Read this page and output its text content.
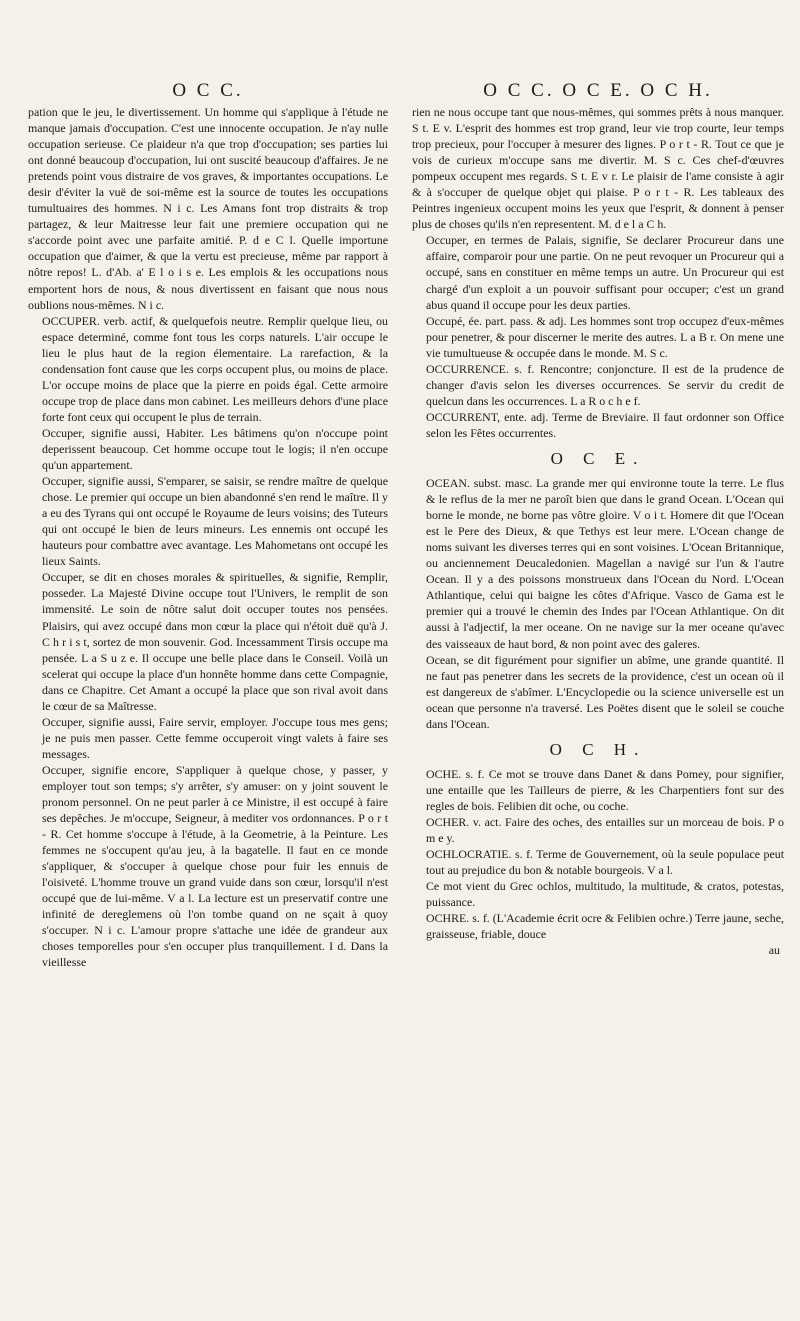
O C C.	O C C. O C E. O C H.

pation que le jeu, le divertissement. Un homme qui s'applique à l'étude ne manque jamais d'occupation. C'est une innocente occupation. Je n'ay nulle occupation serieuse. Ce plaideur n'a que trop d'occupation; ses parties lui ont donné beaucoup d'occupation, lui ont suscité beaucoup d'affaires. Je ne pretends point vous distraire de vos graves, & importantes occupations. Le desir d'éviter la vuë de soi-même est la source de toutes les occupations tumultuaires des hommes. N i c. Les Amans font trop distraits & trop partagez, & leur Maitresse leur fait une premiere occupation qui ne s'accorde point avec une parfaite amitié. P. d e C l. Quelle importune occupation que d'aimer, & que la vertu est precieuse, même par rapport à nôtre repos! L. d'Ab. a' E l o i s e. Les emplois & les occupations nous emportent hors de nous, & nous divertissent en faisant que nous nous oublions nous-mêmes. N i c.

OCCUPER. verb. actif, & quelquefois neutre. Remplir quelque lieu, ou espace determiné, comme font tous les corps naturels. L'air occupe le lieu le plus haut de la region élementaire. La rarefaction, & la condensation font cause que les corps occupent plus, ou moins de place. L'or occupe moins de place que la pierre en poids égal. Cette armoire occupe trop de place dans mon cabinet. Les meilleurs dehors d'une place forte font ceux qui occupent le plus de terrain.

Occuper, signifie aussi, Habiter. Les bâtimens qu'on n'occupe point deperissent beaucoup. Cet homme occupe tout le logis; il n'en occupe qu'un appartement.

Occuper, signifie aussi, S'emparer, se saisir, se rendre maître de quelque chose. Le premier qui occupe un bien abandonné s'en rend le maître. Il y a eu des Tyrans qui ont occupé le Royaume de leurs voisins; des Tuteurs qui ont occupé le bien de leurs mineurs. Les ennemis ont occupé les hauteurs pour combattre avec avantage. Les Mahometans ont occupé les lieux Saints.

Occuper, se dit en choses morales & spirituelles, & signifie, Remplir, posseder. La Majesté Divine occupe tout l'Univers, le remplit de son immensité. Le soin de nôtre salut doit occuper toutes nos pensées. Plaisirs, qui avez occupé dans mon cœur la place qui n'étoit duë qu'à J. C h r i s t, sortez de mon souvenir. God. Incessamment Tirsis occupe ma pensée. L a S u z e. Il occupe une belle place dans le Conseil. Voilà un scelerat qui occupe la place d'un honnête homme dans cette Compagnie, dans ce Chapitre. Cet Amant a occupé la place que son rival avoit dans le cœur de sa Maîtresse.

Occuper, signifie aussi, Faire servir, employer. J'occupe tous mes gens; je ne puis men passer. Cette femme occuperoit vingt valets à faire ses messages.

Occuper, signifie encore, S'appliquer à quelque chose, y passer, y employer tout son temps; s'y arrêter, s'y amuser: on y joint souvent le pronom personnel. On ne peut parler à ce Ministre, il est occupé à faire ses depêches. Je m'occupe, Seigneur, à mediter vos ordonnances. P o r t - R. Cet homme s'occupe à l'étude, à la Geometrie, à la Peinture. Les femmes ne s'occupent qu'au jeu, à la bagatelle. Il faut en ce monde s'appliquer, & s'occuper à quelque chose pour fuir les ennuis de l'oisiveté. L'homme trouve un grand vuide dans son cœur, lorsqu'il n'est occupé que de lui-même. V a l. La lecture est un preservatif contre une infinité de dereglemens où l'on tombe quand on ne sçait à quoy s'occuper. N i c. L'amour propre s'attache une idée de grandeur aux choses temporelles pour s'en occuper plus tranquillement. I d. Dans la vieillesse

rien ne nous occupe tant que nous-mêmes, qui sommes prêts à nous manquer. S t. E v. L'esprit des hommes est trop grand, leur vie trop courte, leur temps trop precieux, pour l'occuper à mesurer des lignes. P o r t - R. Tout ce que je vois de curieux m'occupe sans me divertir. M. S c. Ces chef-d'œuvres pompeux occupent mes regards. S t. E v r. Le plaisir de l'ame consiste à agir & à s'occuper de quelque objet qui plaise. P o r t - R. Les tableaux des Peintres ingenieux occupent moins les yeux que l'esprit, & donnent à penser plus de choses qu'ils n'en representent. M. d e l a C h.

Occuper, en termes de Palais, signifie, Se declarer Procureur dans une affaire, comparoir pour une partie. On ne peut revoquer un Procureur qui a occupé, sans en constituer en même temps un autre. Un Procureur qui est chargé d'un exploit a un pouvoir suffisant pour occuper; c'est un grand abus quand il occupe pour les deux parties.

Occupé, ée. part. pass. & adj. Les hommes sont trop occupez d'eux-mêmes pour penetrer, & pour discerner le merite des autres. L a B r. On mene une vie tumultueuse & occupée dans le monde. M. S c.

OCCURRENCE. s. f. Rencontre; conjoncture. Il est de la prudence de changer d'avis selon les diverses occurrences. Se servir du credit de quelcun dans les occurrences. L a R o c h e f.

OCCURRENT, ente. adj. Terme de Breviaire. Il faut ordonner son Office selon les Fêtes occurrentes.

O C E.

OCEAN. subst. masc. La grande mer qui environne toute la terre. Le flus & le reflus de la mer ne paroît bien que dans le grand Ocean. L'Ocean qui borne le monde, ne borne pas vôtre gloire. V o i t. Homere dit que l'Ocean est le Pere des Dieux, & que Tethys est leur mere. L'Ocean change de noms suivant les diverses terres qui en sont voisines. L'Ocean Britannique, ou anciennement Deucaledonien. Magellan a navigé sur l'un & l'autre Ocean. Il y a des poissons monstrueux dans l'Ocean du Nord. L'Ocean Athlantique, celui qui baigne les côtes d'Afrique. Vasco de Gama est le premier qui a trouvé le chemin des Indes par l'Ocean Athlantique. On dit aussi à l'adjectif, la mer oceane. On ne navige sur la mer oceane qu'avec des vaisseaux de haut bord, & non point avec des galeres.

Ocean, se dit figurément pour signifier un abîme, une grande quantité. Il ne faut pas penetrer dans les secrets de la providence, c'est un ocean où il est dangereux de s'abîmer. L'Encyclopedie ou la science universelle est un ocean que personne n'a traversé. Les Poëtes disent que le soleil se couche dans l'Ocean.

O C H.

OCHE. s. f. Ce mot se trouve dans Danet & dans Pomey, pour signifier, une entaille que les Tailleurs de pierre, & les Charpentiers font sur des regles de bois. Felibien dit oche, ou coche.

OCHER. v. act. Faire des oches, des entailles sur un morceau de bois. P o m e y.

OCHLOCRATIE. s. f. Terme de Gouvernement, où la seule populace peut tout au prejudice du bon & notable bourgeois. V a l.

Ce mot vient du Grec ochlos, multitudo, la multitude, & cratos, potestas, puissance.

OCHRE. s. f. (L'Academie écrit ocre & Felibien ochre.) Terre jaune, seche, graisseuse, friable, douce

au
